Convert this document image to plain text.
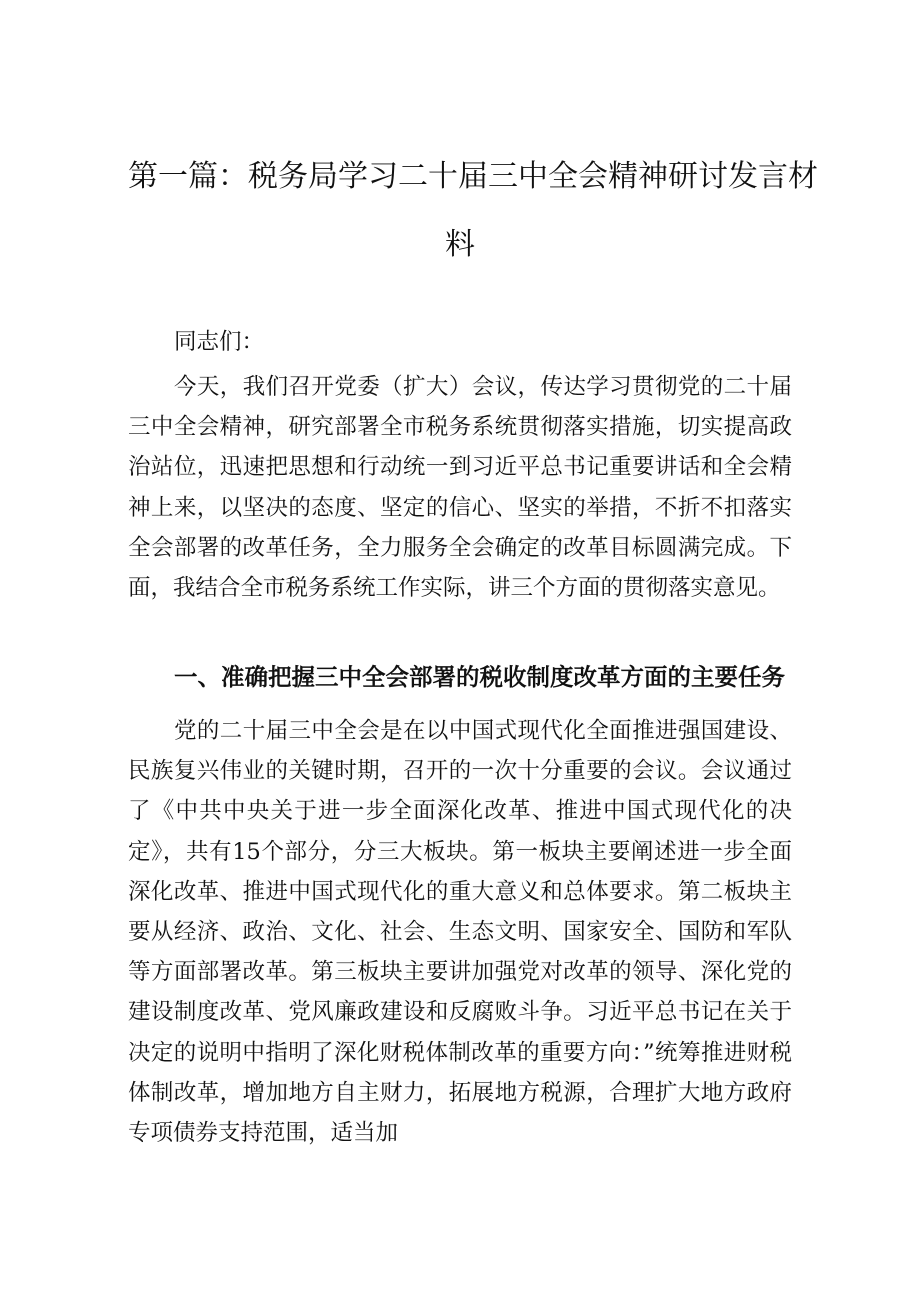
第一篇：税务局学习二十届三中全会精神研讨发言材
料
同志们：
今天，我们召开党委（扩大）会议，传达学习贯彻党的二十届三中全会精神，研究部署全市税务系统贯彻落实措施，切实提高政治站位，迅速把思想和行动统一到习近平总书记重要讲话和全会精神上来，以坚决的态度、坚定的信心、坚实的举措，不折不扣落实全会部署的改革任务，全力服务全会确定的改革目标圆满完成。下面，我结合全市税务系统工作实际，讲三个方面的贯彻落实意见。
一、准确把握三中全会部署的税收制度改革方面的主要任务
党的二十届三中全会是在以中国式现代化全面推进强国建设、民族复兴伟业的关键时期，召开的一次十分重要的会议。会议通过了《中共中央关于进一步全面深化改革、推进中国式现代化的决定》，共有15个部分，分三大板块。第一板块主要阐述进一步全面深化改革、推进中国式现代化的重大意义和总体要求。第二板块主要从经济、政治、文化、社会、生态文明、国家安全、国防和军队等方面部署改革。第三板块主要讲加强党对改革的领导、深化党的建设制度改革、党风廉政建设和反腐败斗争。习近平总书记在关于决定的说明中指明了深化财税体制改革的重要方向：”统筹推进财税体制改革，增加地方自主财力，拓展地方税源，合理扩大地方政府专项债券支持范围，适当加
